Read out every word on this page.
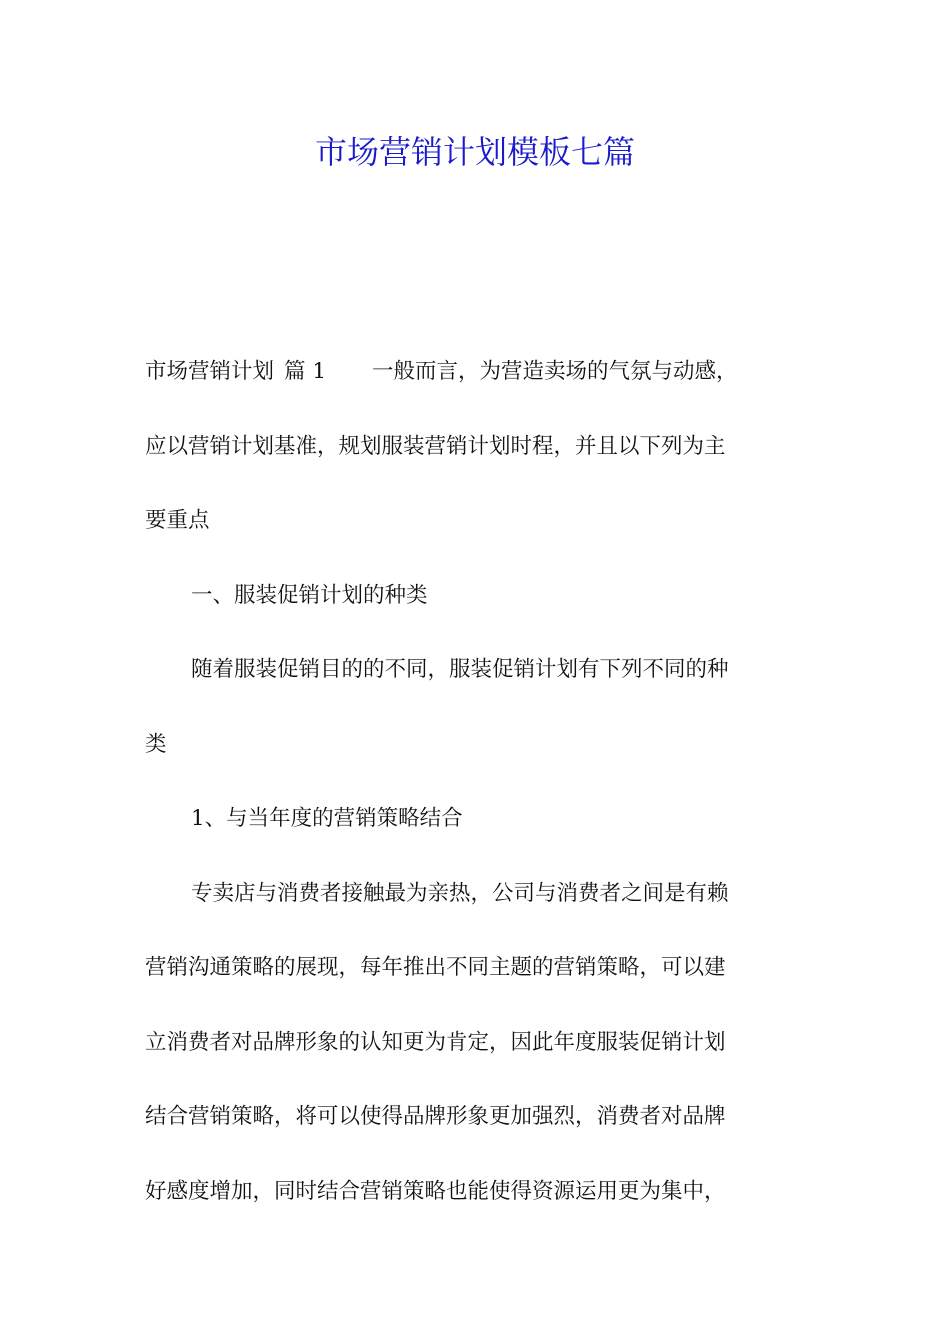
市场营销计划模板七篇
市场营销计划 篇 1 一般而言，为营造卖场的气氛与动感，
应以营销计划基准，规划服装营销计划时程，并且以下列为主
要重点
一、服装促销计划的种类
随着服装促销目的的不同，服装促销计划有下列不同的种
类
1、与当年度的营销策略结合
专卖店与消费者接触最为亲热，公司与消费者之间是有赖
营销沟通策略的展现，每年推出不同主题的营销策略，可以建
立消费者对品牌形象的认知更为肯定，因此年度服装促销计划
结合营销策略，将可以使得品牌形象更加强烈，消费者对品牌
好感度增加，同时结合营销策略也能使得资源运用更为集中，
